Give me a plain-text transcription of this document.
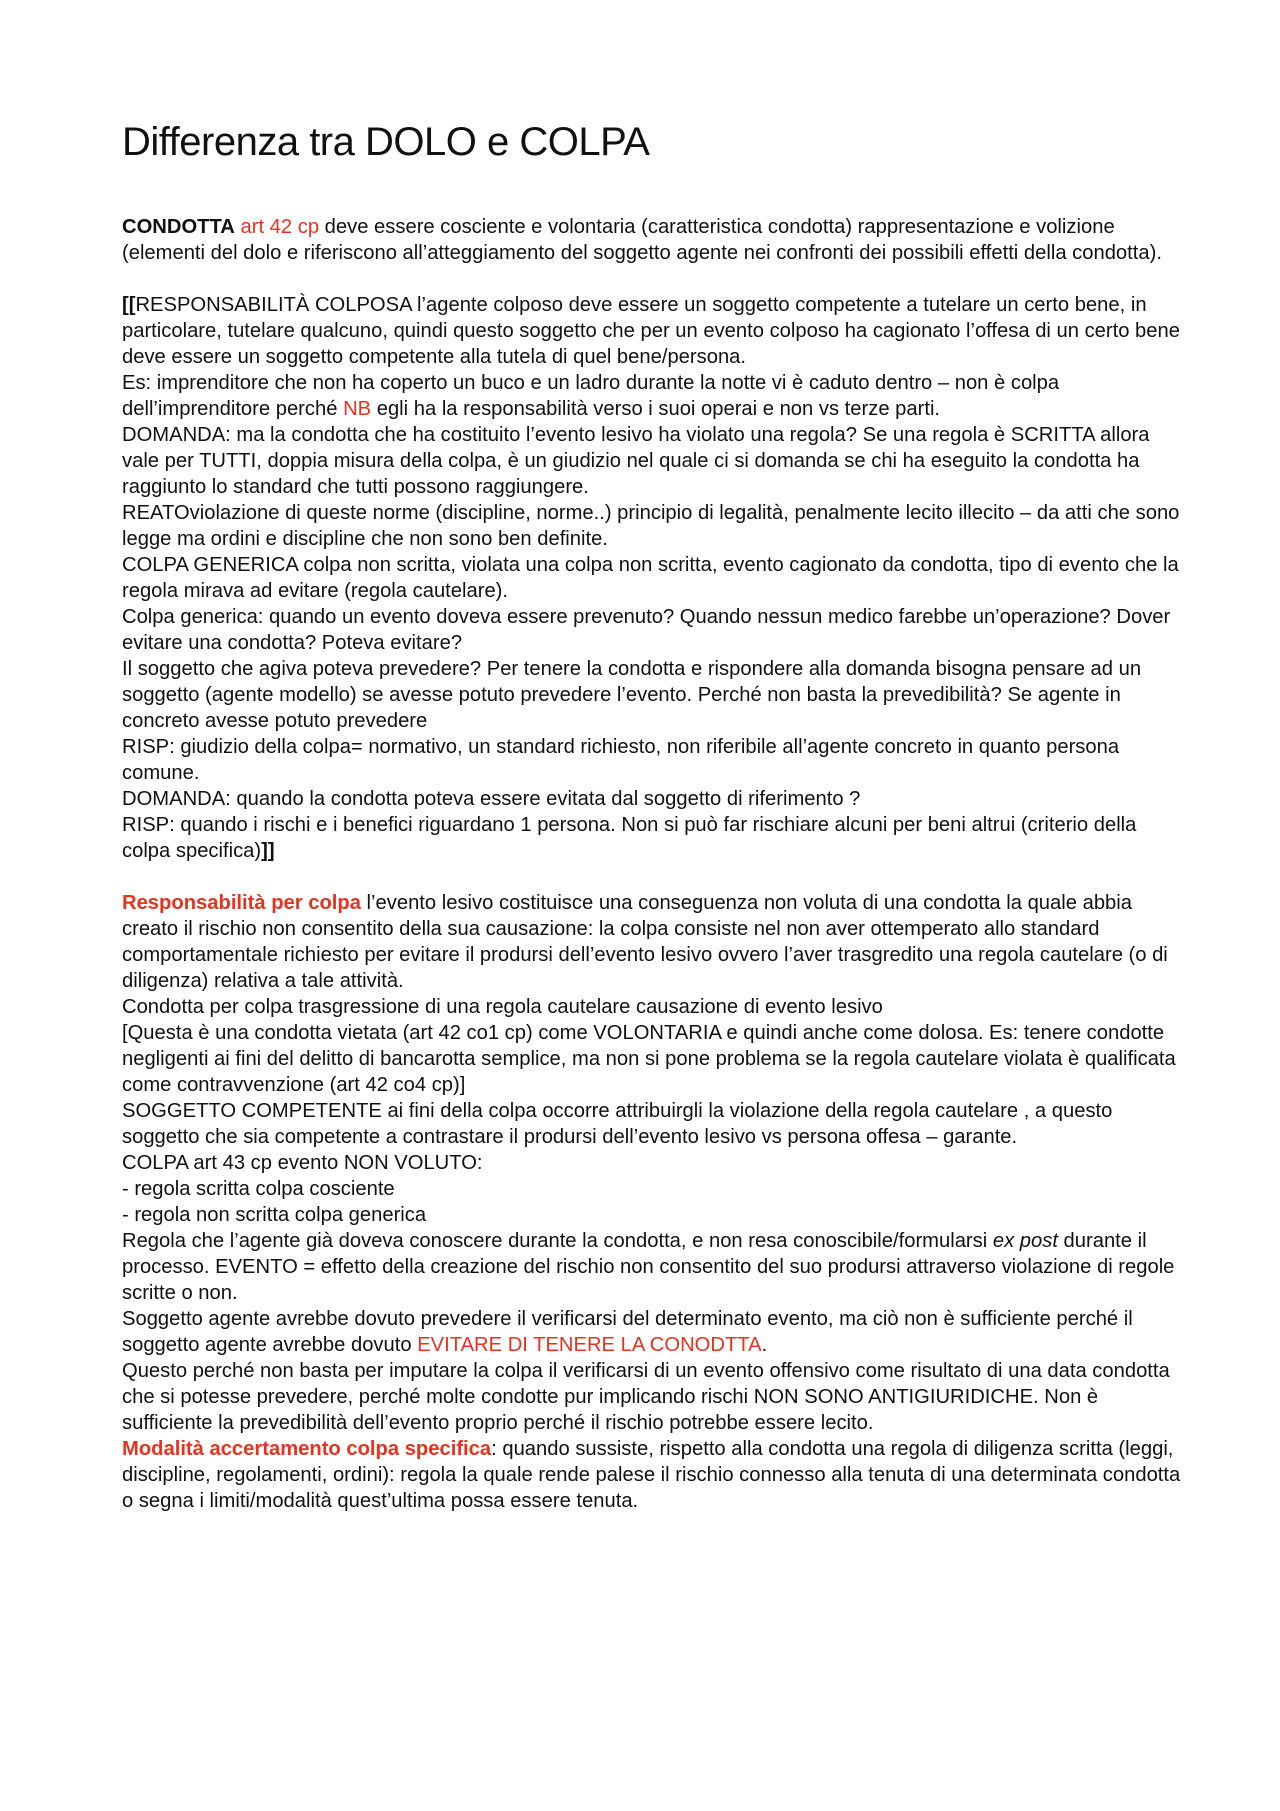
Differenza tra DOLO e COLPA

CONDOTTA art 42 cp deve essere cosciente e volontaria (caratteristica condotta) rappresentazione e volizione (elementi del dolo e riferiscono all’atteggiamento del soggetto agente nei confronti dei possibili effetti della condotta).

[[RESPONSABILITÀ COLPOSA l’agente colposo deve essere un soggetto competente a tutelare un certo bene, in particolare, tutelare qualcuno, quindi questo soggetto che per un evento colposo ha cagionato l’offesa di un certo bene deve essere un soggetto competente alla tutela di quel bene/persona.

Es: imprenditore che non ha coperto un buco e un ladro durante la notte vi è caduto dentro – non è colpa dell’imprenditore perché NB egli ha la responsabilità verso i suoi operai e non vs terze parti.

DOMANDA: ma la condotta che ha costituito l’evento lesivo ha violato una regola? Se una regola è SCRITTA allora vale per TUTTI, doppia misura della colpa, è un giudizio nel quale ci si domanda se chi ha eseguito la condotta ha raggiunto lo standard che tutti possono raggiungere.

REATOviolazione di queste norme (discipline, norme..) principio di legalità, penalmente lecito illecito – da atti che sono legge ma ordini e discipline che non sono ben definite.

COLPA GENERICA colpa non scritta, violata una colpa non scritta, evento cagionato da condotta, tipo di evento che la regola mirava ad evitare (regola cautelare).

Colpa generica: quando un evento doveva essere prevenuto? Quando nessun medico farebbe un’operazione? Dover evitare una condotta? Poteva evitare?

Il soggetto che agiva poteva prevedere? Per tenere la condotta e rispondere alla domanda bisogna pensare ad un soggetto (agente modello) se avesse potuto prevedere l’evento. Perché non basta la prevedibilità? Se agente in concreto avesse potuto prevedere

RISP: giudizio della colpa= normativo, un standard richiesto, non riferibile all’agente concreto in quanto persona comune.

DOMANDA: quando la condotta poteva essere evitata dal soggetto di riferimento ?

RISP: quando i rischi e i benefici riguardano 1 persona. Non si può far rischiare alcuni per beni altrui (criterio della colpa specifica)]]

Responsabilità per colpa l’evento lesivo costituisce una conseguenza non voluta di una condotta la quale abbia creato il rischio non consentito della sua causazione: la colpa consiste nel non aver ottemperato allo standard comportamentale richiesto per evitare il prodursi dell’evento lesivo ovvero l’aver trasgredito una regola cautelare (o di diligenza) relativa a tale attività.

Condotta per colpa trasgressione di una regola cautelare causazione di evento lesivo

[Questa è una condotta vietata (art 42 co1 cp) come VOLONTARIA e quindi anche come dolosa. Es: tenere condotte negligenti ai fini del delitto di bancarotta semplice, ma non si pone problema se la regola cautelare violata è qualificata come contravvenzione (art 42 co4 cp)]

SOGGETTO COMPETENTE ai fini della colpa occorre attribuirgli la violazione della regola cautelare , a questo soggetto che sia competente a contrastare il prodursi dell’evento lesivo vs persona offesa – garante.

COLPA art 43 cp evento NON VOLUTO:

- regola scritta colpa cosciente

- regola non scritta colpa generica

Regola che l’agente già doveva conoscere durante la condotta, e non resa conoscibile/formularsi ex post durante il processo. EVENTO = effetto della creazione del rischio non consentito del suo prodursi attraverso violazione di regole scritte o non.

Soggetto agente avrebbe dovuto prevedere il verificarsi del determinato evento, ma ciò non è sufficiente perché il soggetto agente avrebbe dovuto EVITARE DI TENERE LA CONODTTA.

Questo perché non basta per imputare la colpa il verificarsi di un evento offensivo come risultato di una data condotta che si potesse prevedere, perché molte condotte pur implicando rischi NON SONO ANTIGIURIDICHE. Non è sufficiente la prevedibilità dell’evento proprio perché il rischio potrebbe essere lecito.

Modalità accertamento colpa specifica: quando sussiste, rispetto alla condotta una regola di diligenza scritta (leggi, discipline, regolamenti, ordini): regola la quale rende palese il rischio connesso alla tenuta di una determinata condotta o segna i limiti/modalità quest’ultima possa essere tenuta.
